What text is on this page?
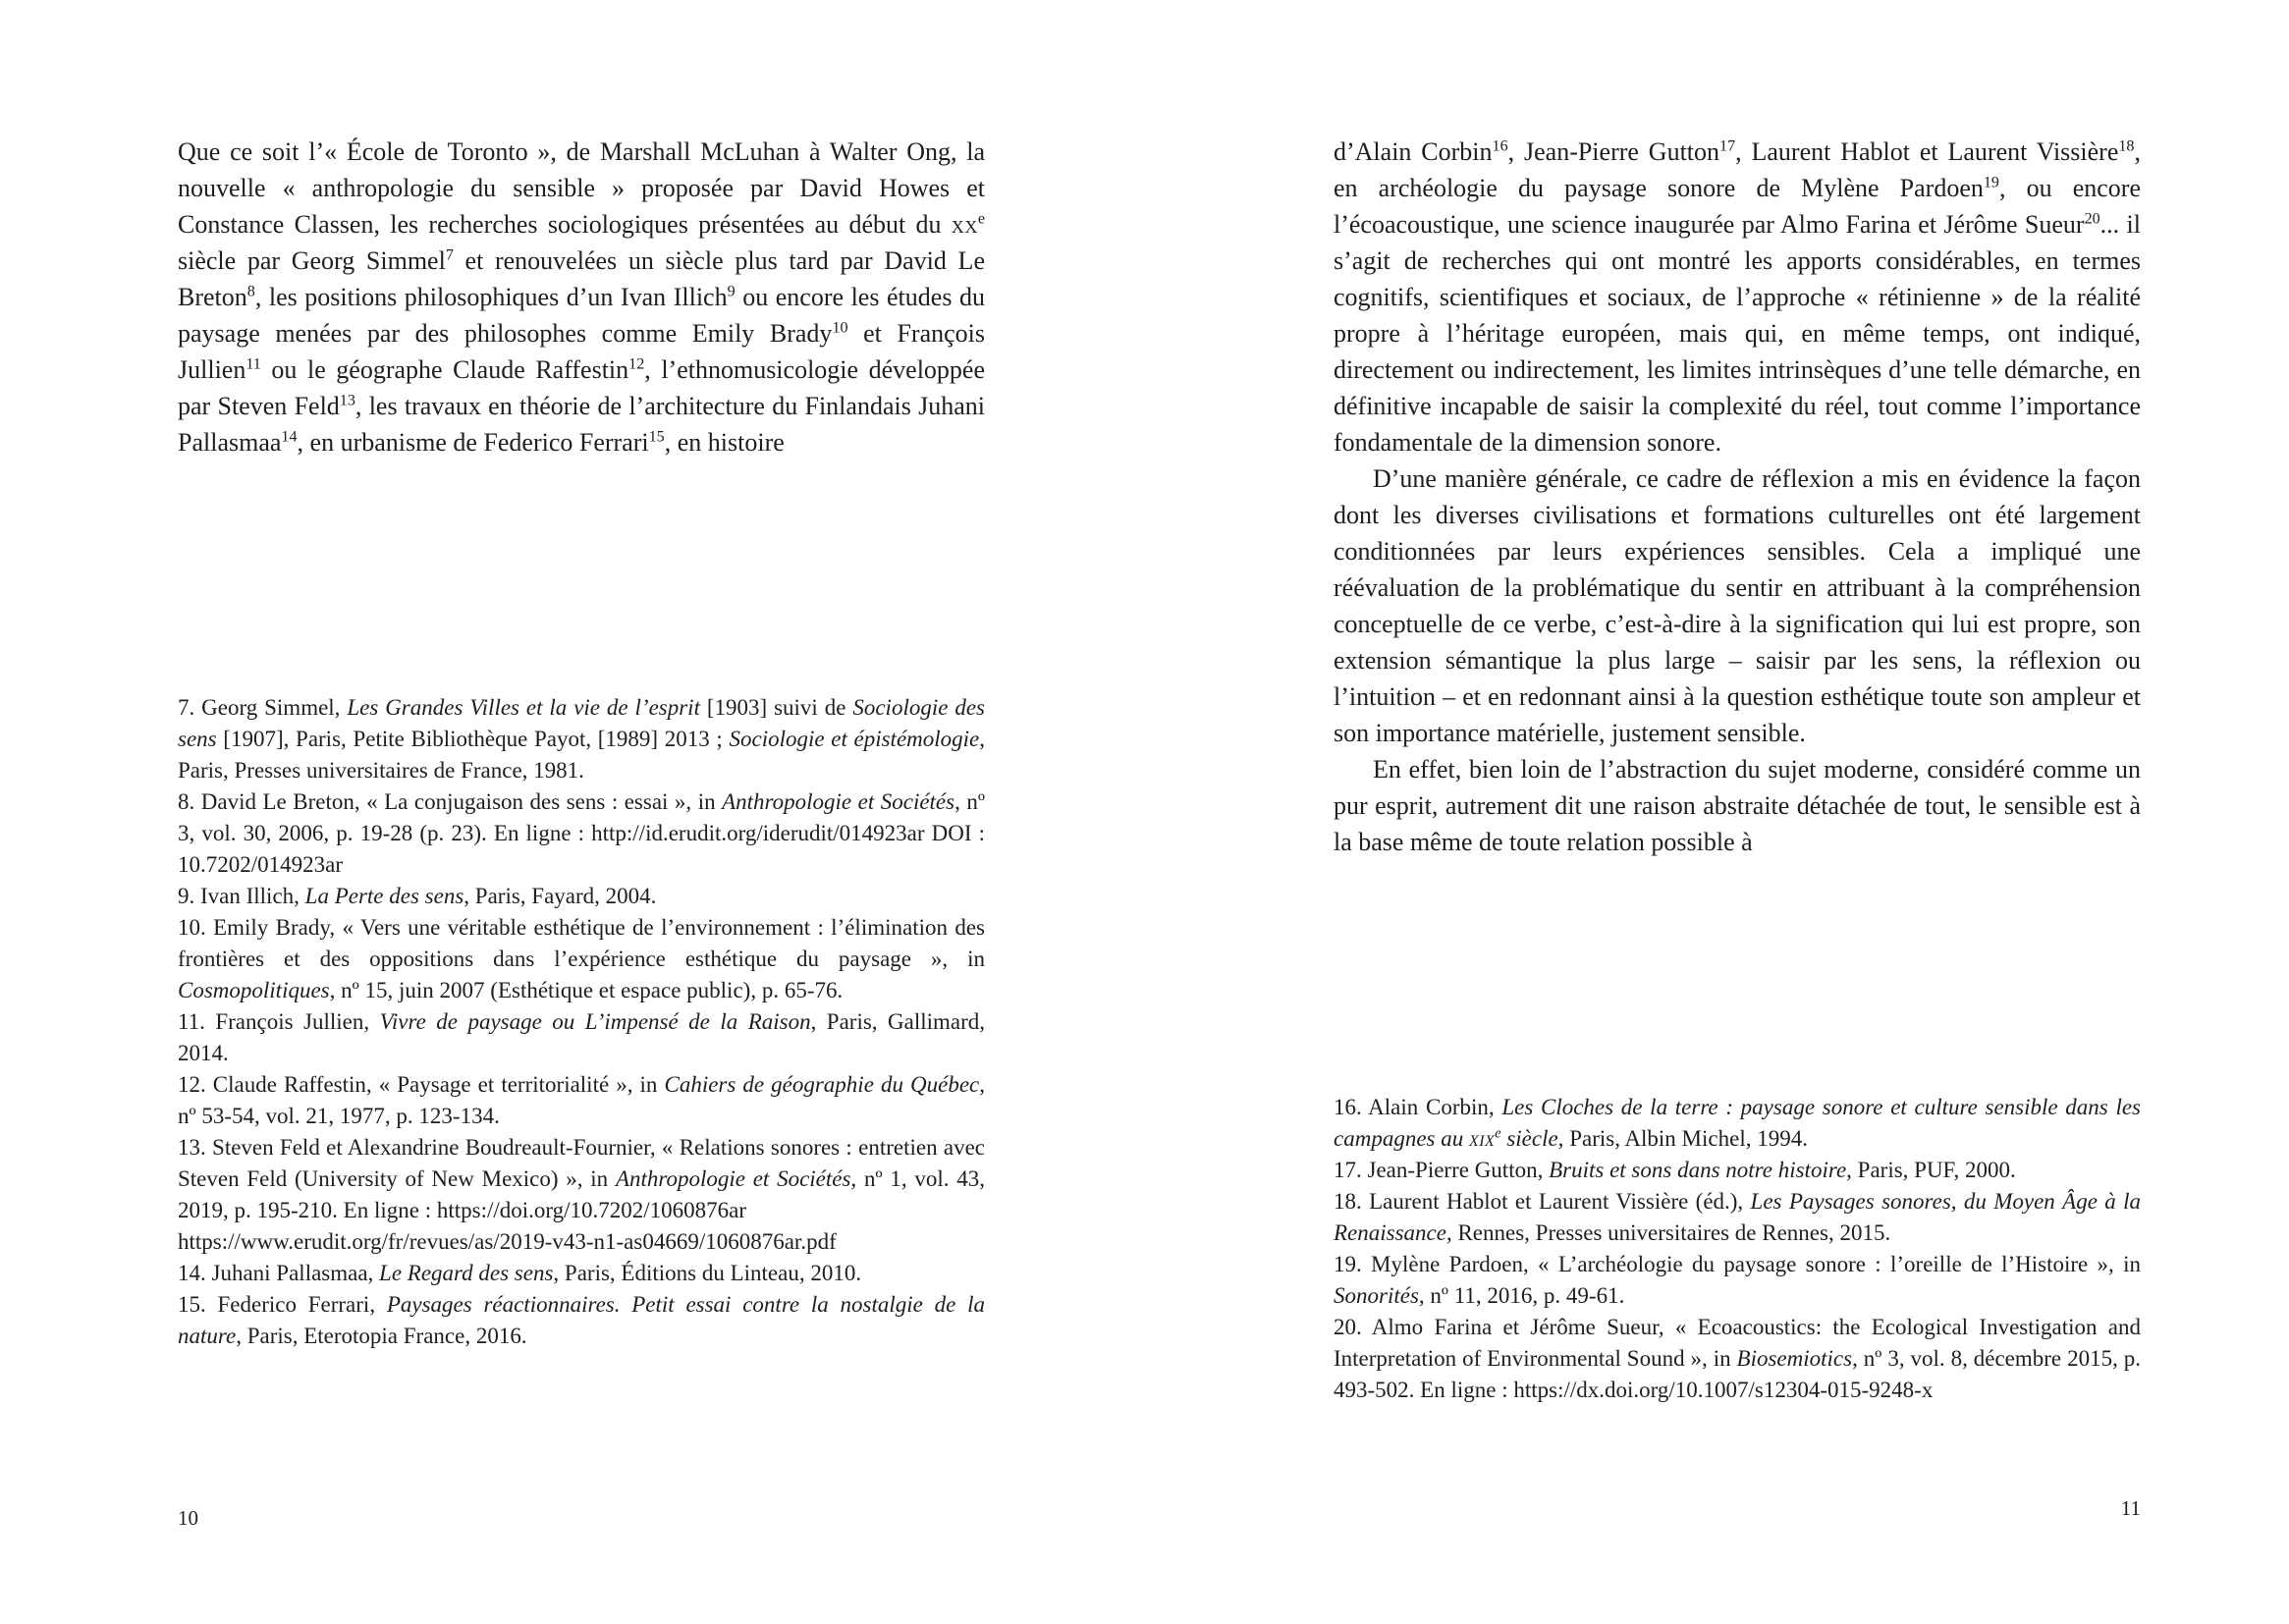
Que ce soit l’« École de Toronto », de Marshall McLuhan à Walter Ong, la nouvelle « anthropologie du sensible » proposée par David Howes et Constance Classen, les recherches sociologiques présentées au début du $xx^e$ siècle par Georg Simmel$^7$ et renouvelées un siècle plus tard par David Le Breton$^8$, les positions philosophiques d’un Ivan Illich$^9$ ou encore les études du paysage menées par des philosophes comme Emily Brady$^{10}$ et François Jullien$^{11}$ ou le géographe Claude Raffestin$^{12}$, l’ethnomusicologie développée par Steven Feld$^{13}$, les travaux en théorie de l’architecture du Finlandais Juhani Pallasmaa$^{14}$, en urbanisme de Federico Ferrari$^{15}$, en histoire

7. Georg Simmel, Les Grandes Villes et la vie de l’esprit [1903] suivi de Sociologie des sens [1907], Paris, Petite Bibliothèque Payot, [1989] 2013 ; Sociologie et épistémologie, Paris, Presses universitaires de France, 1981.

8. David Le Breton, « La conjugaison des sens : essai », in Anthropologie et Sociétés, nº 3, vol. 30, 2006, p. 19-28 (p. 23). En ligne : http://id.erudit.org/iderudit/014923ar DOI : 10.7202/014923ar

9. Ivan Illich, La Perte des sens, Paris, Fayard, 2004.

10. Emily Brady, « Vers une véritable esthétique de l’environnement : l’élimination des frontières et des oppositions dans l’expérience esthétique du paysage », in Cosmopolitiques, nº 15, juin 2007 (Esthétique et espace public), p. 65-76.

11. François Jullien, Vivre de paysage ou L’impensé de la Raison, Paris, Gallimard, 2014.

12. Claude Raffestin, « Paysage et territorialité », in Cahiers de géographie du Québec, nº 53-54, vol. 21, 1977, p. 123-134.

13. Steven Feld et Alexandrine Boudreault-Fournier, « Relations sonores : entretien avec Steven Feld (University of New Mexico) », in Anthropologie et Sociétés, nº 1, vol. 43, 2019, p. 195-210. En ligne : https://doi.org/10.7202/1060876ar
https://www.erudit.org/fr/revues/as/2019-v43-n1-as04669/1060876ar.pdf

14. Juhani Pallasmaa, Le Regard des sens, Paris, Éditions du Linteau, 2010.

15. Federico Ferrari, Paysages réactionnaires. Petit essai contre la nostalgie de la nature, Paris, Eterotopia France, 2016.

10

d’Alain Corbin$^{16}$, Jean-Pierre Gutton$^{17}$, Laurent Hablot et Laurent Vissière$^{18}$, en archéologie du paysage sonore de Mylène Pardoen$^{19}$, ou encore l’écoacoustique, une science inaugurée par Almo Farina et Jérôme Sueur$^{20}$... il s’agit de recherches qui ont montré les apports considérables, en termes cognitifs, scientifiques et sociaux, de l’approche « rétinienne » de la réalité propre à l’héritage européen, mais qui, en même temps, ont indiqué, directement ou indirectement, les limites intrinsèques d’une telle démarche, en définitive incapable de saisir la complexité du réel, tout comme l’importance fondamentale de la dimension sonore.

D’une manière générale, ce cadre de réflexion a mis en évidence la façon dont les diverses civilisations et formations culturelles ont été largement conditionnées par leurs expériences sensibles. Cela a impliqué une réévaluation de la problématique du sentir en attribuant à la compréhension conceptuelle de ce verbe, c’est-à-dire à la signification qui lui est propre, son extension sémantique la plus large – saisir par les sens, la réflexion ou l’intuition – et en redonnant ainsi à la question esthétique toute son ampleur et son importance matérielle, justement sensible.

En effet, bien loin de l’abstraction du sujet moderne, considéré comme un pur esprit, autrement dit une raison abstraite détachée de tout, le sensible est à la base même de toute relation possible à

16. Alain Corbin, Les Cloches de la terre : paysage sonore et culture sensible dans les campagnes au xix$^e$ siècle, Paris, Albin Michel, 1994.

17. Jean-Pierre Gutton, Bruits et sons dans notre histoire, Paris, PUF, 2000.

18. Laurent Hablot et Laurent Vissière (éd.), Les Paysages sonores, du Moyen Âge à la Renaissance, Rennes, Presses universitaires de Rennes, 2015.

19. Mylène Pardoen, « L’archéologie du paysage sonore : l’oreille de l’Histoire », in Sonorités, nº 11, 2016, p. 49-61.

20. Almo Farina et Jérôme Sueur, « Ecoacoustics: the Ecological Investigation and Interpretation of Environmental Sound », in Biosemiotics, nº 3, vol. 8, décembre 2015, p. 493-502. En ligne : https://dx.doi.org/10.1007/s12304-015-9248-x

11
